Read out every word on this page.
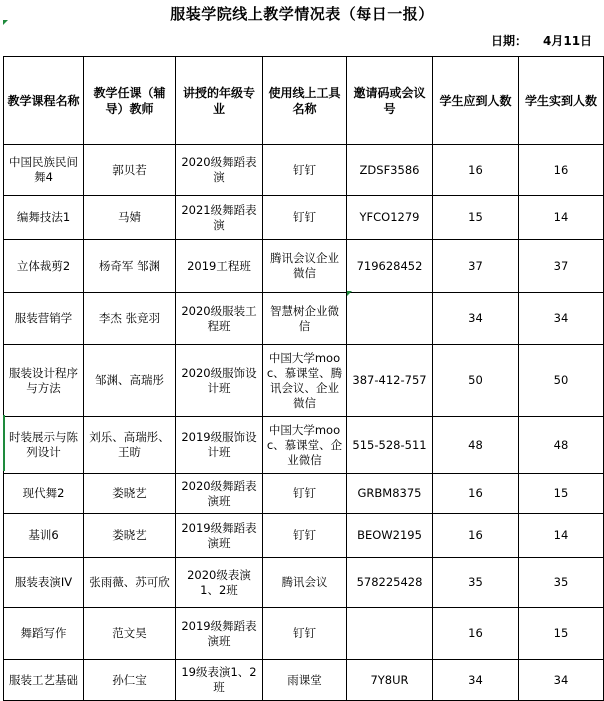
服装学院线上教学情况表（每日一报）
日期： 4月11日
教学课程名称	教学任课（辅导）教师	讲授的年级专业	使用线上工具名称	邀请码或会议号	学生应到人数	学生实到人数
中国民族民间舞4	郭贝若	2020级舞蹈表演	钉钉	ZDSF3586	16	16
编舞技法1	马婧	2021级舞蹈表演	钉钉	YFCO1279	15	14
立体裁剪2	杨奇军 邹渊	2019工程班	腾讯会议企业微信	719628452	37	37
服装营销学	李杰 张竞羽	2020级服装工程班	智慧树企业微信		34	34
服装设计程序与方法	邹渊、高瑞彤	2020级服饰设计班	中国大学mooc、慕课堂、腾讯会议、企业微信	387-412-757	50	50
时装展示与陈列设计	刘乐、高瑞彤、王昉	2019级服饰设计班	中国大学mooc、慕课堂、企业微信	515-528-511	48	48
现代舞2	娄晓艺	2020级舞蹈表演班	钉钉	GRBM8375	16	15
基训6	娄晓艺	2019级舞蹈表演班	钉钉	BEOW2195	16	14
服装表演IV	张雨薇、苏可欣	2020级表演1、2班	腾讯会议	578225428	35	35
舞蹈写作	范文昊	2019级舞蹈表演班	钉钉		16	15
服装工艺基础	孙仁宝	19级表演1、2班	雨课堂	7Y8UR	34	34
